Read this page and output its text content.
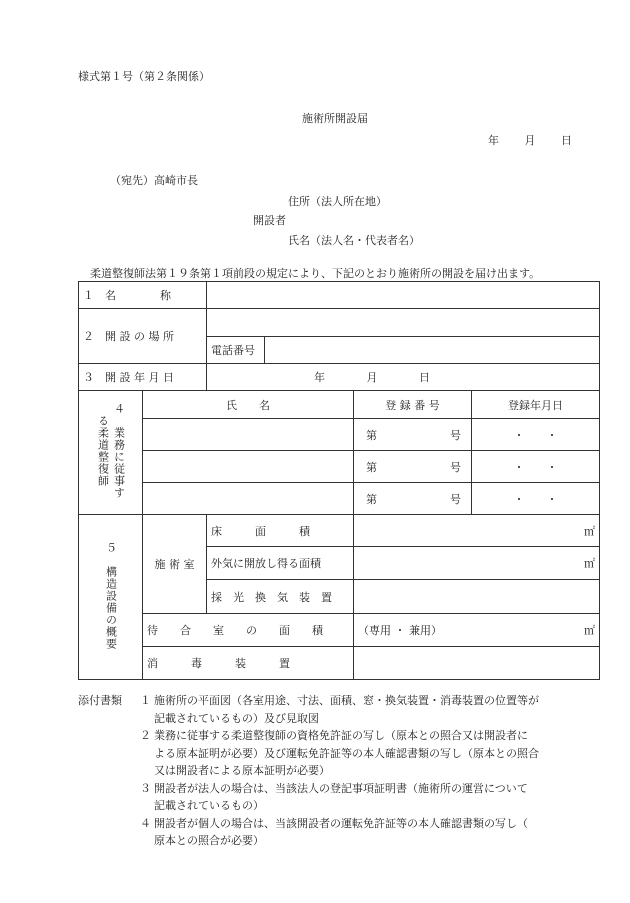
様式第１号（第２条関係）
施術所開設届
年 月 日
（宛先）高崎市長
住所（法人所在地）
開設者
氏名（法人名・代表者名）
柔道整復師法第１９条第１項前段の規定により、下記のとおり施術所の開設を届け出ます。
１　名　　　　称					
２　開 設 の 場 所					
		電話番号			
３　開 設 年 月 日		年 月 日			
４　業務に従事する柔道整復師	氏　　名			登 録 番 号	登録年月日

				第 号	・　　・

				第 号	・　　・

				第 号	・　　・
５　構造設備の概要	施 術 室	床　　　面　　　積		㎡	
		外気に開放し得る面積		㎡	
		採　光　換　気　装　置			
	待　　合　　室　　の　　面　　積			（専用 ・ 兼用） ㎡	

	消　　　毒　　　装　　　置				
添付書類	１ 施術所の平面図（各室用途、寸法、面積、窓・換気装置・消毒装置の位置等が
記載されているもの）及び見取図
２ 業務に従事する柔道整復師の資格免許証の写し（原本との照合又は開設者に
よる原本証明が必要）及び運転免許証等の本人確認書類の写し（原本との照合
又は開設者による原本証明が必要）
３ 開設者が法人の場合は、当該法人の登記事項証明書（施術所の運営について
記載されているもの）
４ 開設者が個人の場合は、当該開設者の運転免許証等の本人確認書類の写し（
原本との照合が必要）
